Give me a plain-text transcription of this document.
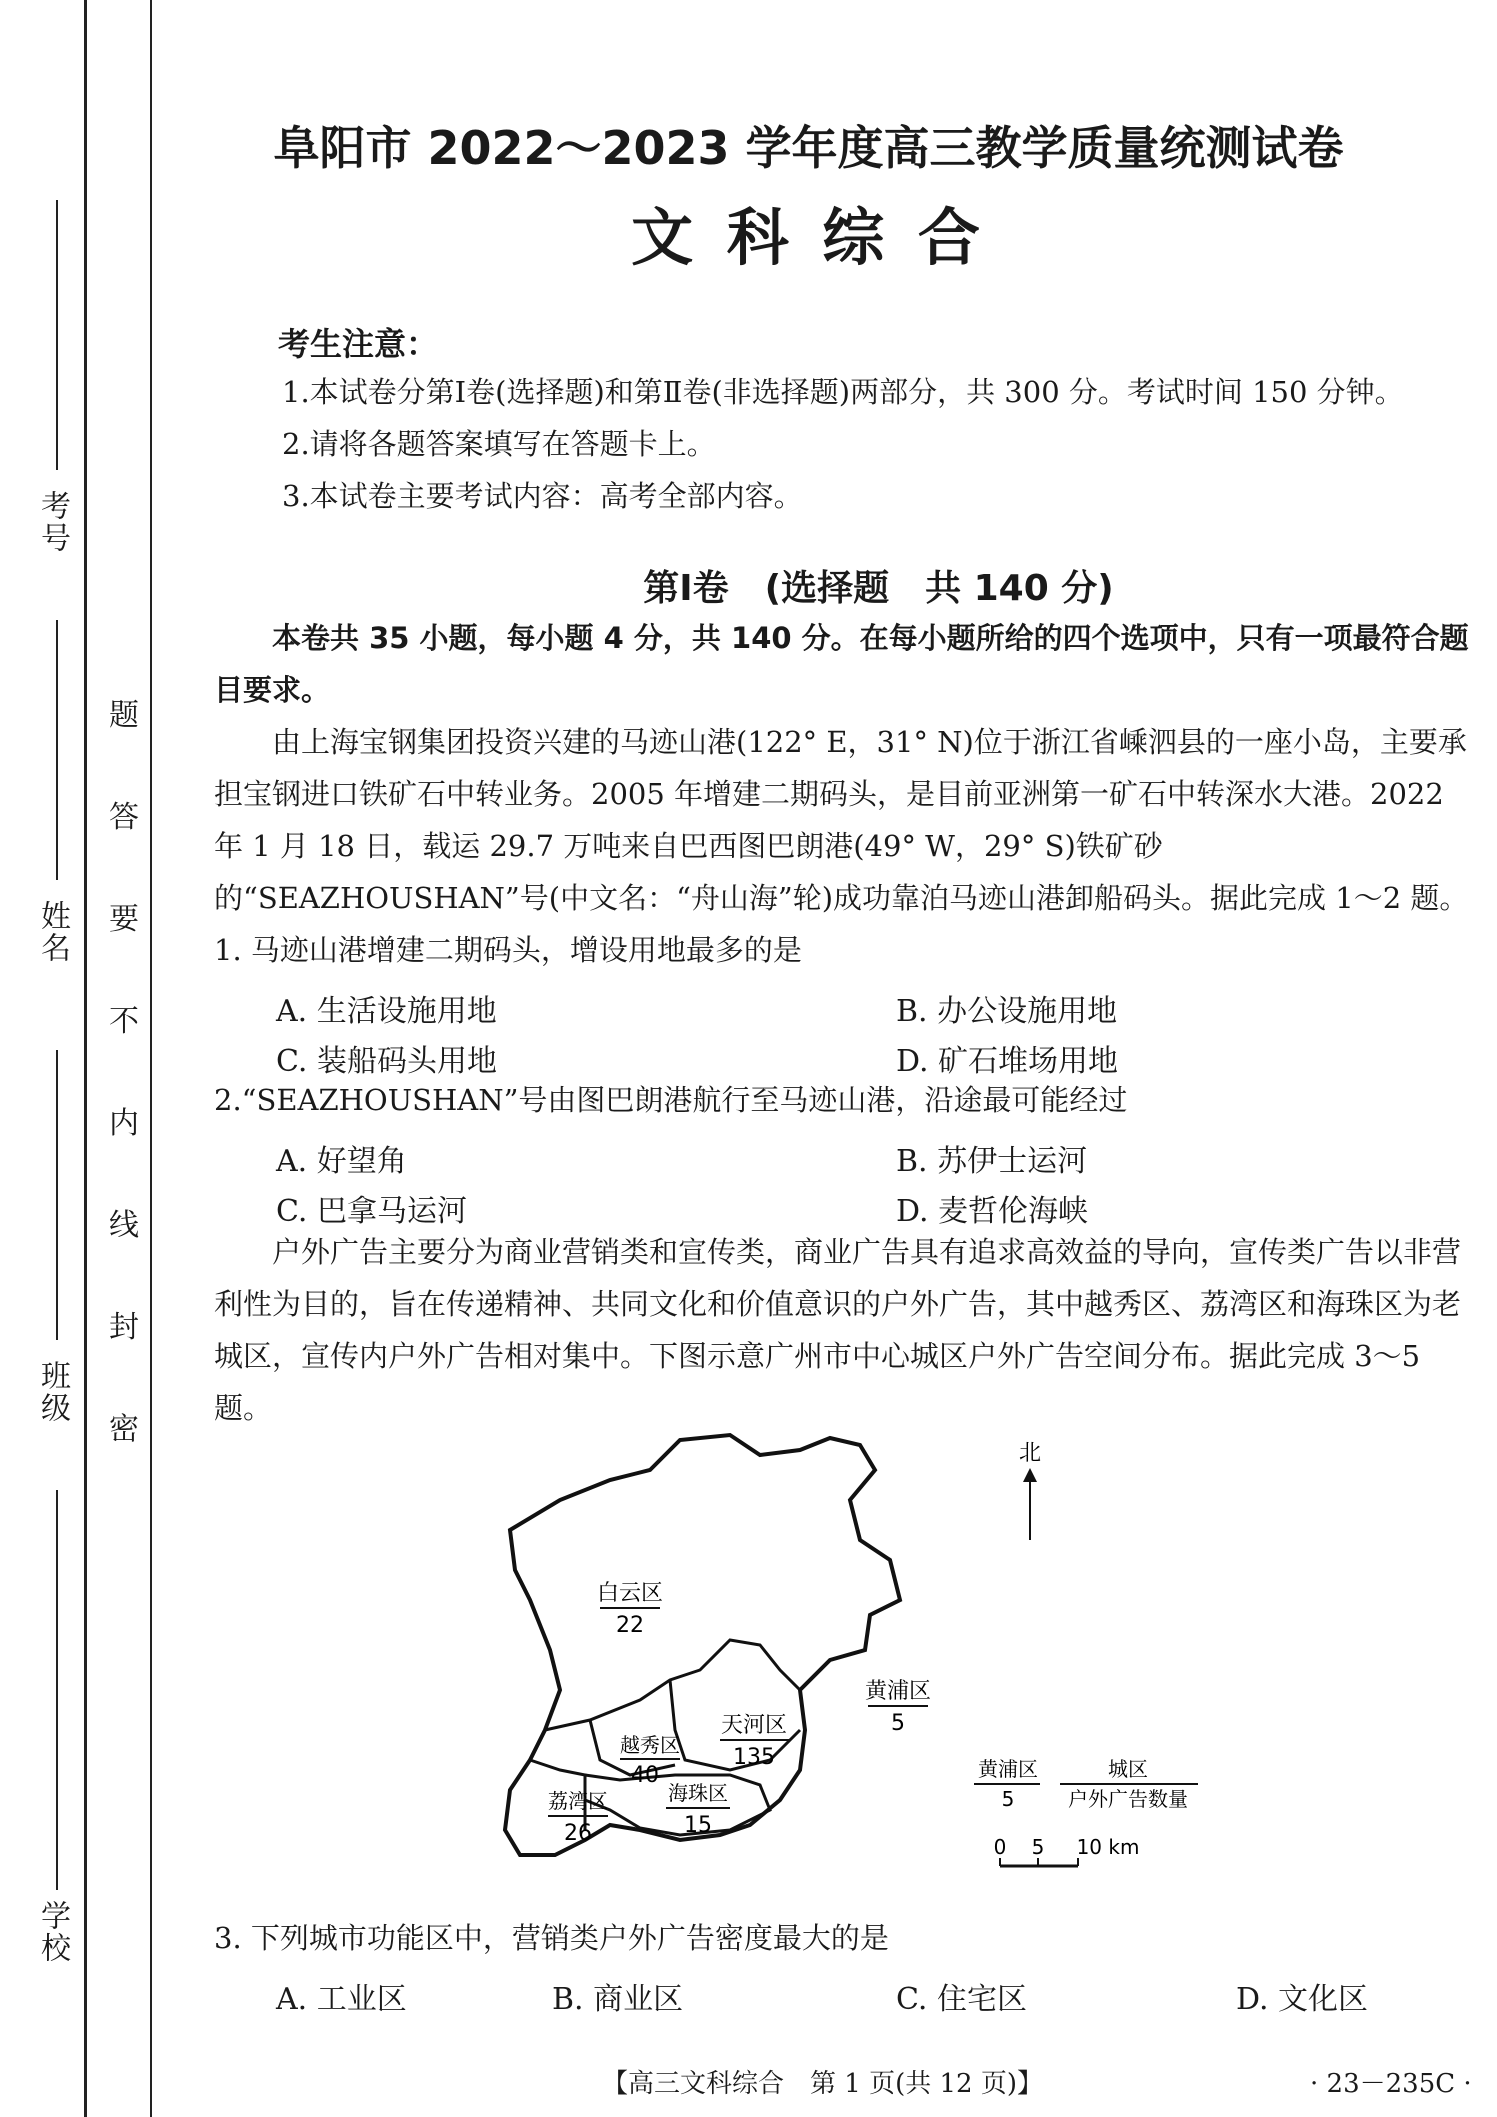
考号
姓名
班级
学校
题
答
要
不
内
线
封
密
阜阳市 2022～2023 学年度高三教学质量统测试卷
文 科 综 合
考生注意：
1.本试卷分第Ⅰ卷(选择题)和第Ⅱ卷(非选择题)两部分，共 300 分。考试时间 150 分钟。
2.请将各题答案填写在答题卡上。
3.本试卷主要考试内容：高考全部内容。
第Ⅰ卷　(选择题　共 140 分)
本卷共 35 小题，每小题 4 分，共 140 分。在每小题所给的四个选项中，只有一项最符合题目要求。
由上海宝钢集团投资兴建的马迹山港(122° E，31° N)位于浙江省嵊泗县的一座小岛，主要承担宝钢进口铁矿石中转业务。2005 年增建二期码头，是目前亚洲第一矿石中转深水大港。2022 年 1 月 18 日，载运 29.7 万吨来自巴西图巴朗港(49° W，29° S)铁矿砂的“SEAZHOUSHAN”号(中文名：“舟山海”轮)成功靠泊马迹山港卸船码头。据此完成 1～2 题。
1. 马迹山港增建二期码头，增设用地最多的是
A. 生活设施用地	B. 办公设施用地
C. 装船码头用地	D. 矿石堆场用地
2.“SEAZHOUSHAN”号由图巴朗港航行至马迹山港，沿途最可能经过
A. 好望角	B. 苏伊士运河
C. 巴拿马运河	D. 麦哲伦海峡
户外广告主要分为商业营销类和宣传类，商业广告具有追求高效益的导向，宣传类广告以非营利性为目的，旨在传递精神、共同文化和价值意识的户外广告，其中越秀区、荔湾区和海珠区为老城区，宣传内户外广告相对集中。下图示意广州市中心城区户外广告空间分布。据此完成 3～5 题。
白云区
22
黄浦区
5
天河区
135
越秀区
40
荔湾区
26
海珠区
15
北
黄浦区
5
城区
户外广告数量
0 5 10 km
3. 下列城市功能区中，营销类户外广告密度最大的是
A. 工业区	B. 商业区	C. 住宅区	D. 文化区
【高三文科综合　第 1 页(共 12 页)】	· 23－235C ·
